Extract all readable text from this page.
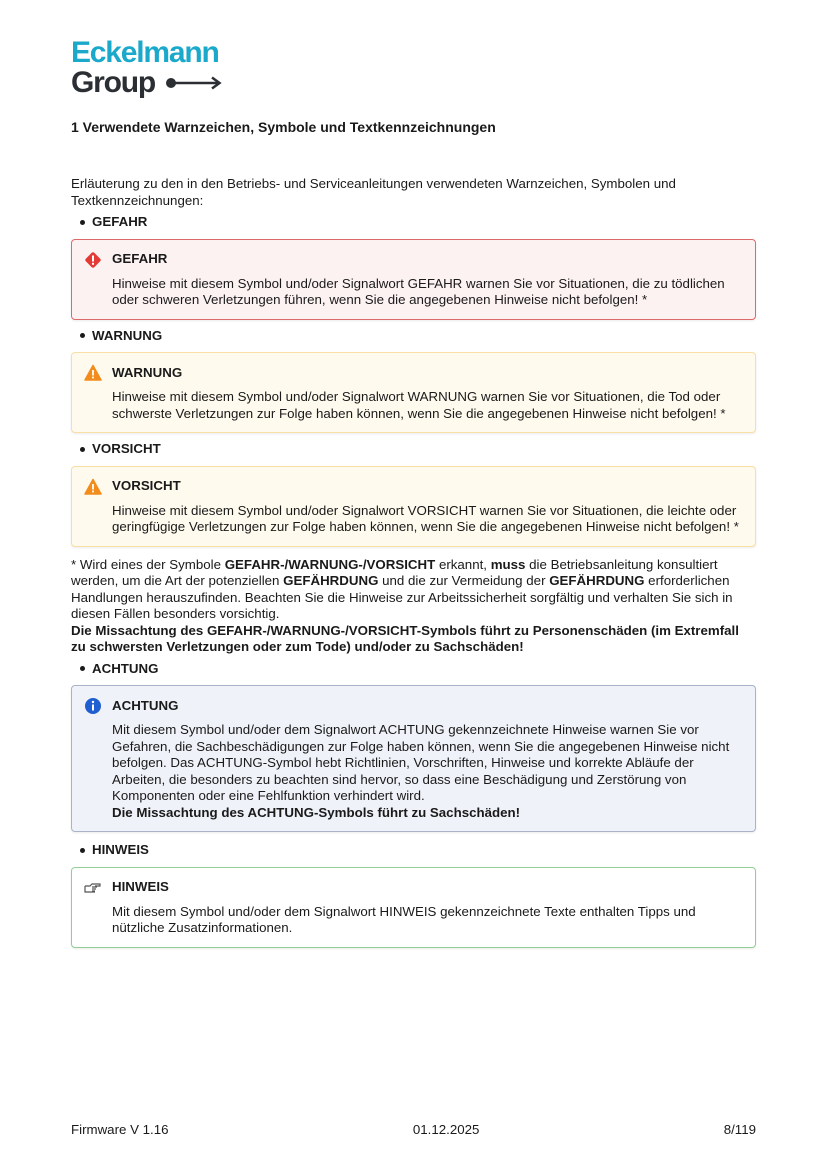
Eckelmann
Group
1 Verwendete Warnzeichen, Symbole und Textkennzeichnungen

Erläuterung zu den in den Betriebs- und Serviceanleitungen verwendeten Warnzeichen, Symbolen und Textkennzeichnungen:

GEFAHR
GEFAHR
Hinweise mit diesem Symbol und/oder Signalwort GEFAHR warnen Sie vor Situationen, die zu tödlichen oder schweren Verletzungen führen, wenn Sie die angegebenen Hinweise nicht befolgen! *
WARNUNG
WARNUNG
Hinweise mit diesem Symbol und/oder Signalwort WARNUNG warnen Sie vor Situationen, die Tod oder schwerste Verletzungen zur Folge haben können, wenn Sie die angegebenen Hinweise nicht befolgen! *
VORSICHT
VORSICHT
Hinweise mit diesem Symbol und/oder Signalwort VORSICHT warnen Sie vor Situationen, die leichte oder geringfügige Verletzungen zur Folge haben können, wenn Sie die angegebenen Hinweise nicht befolgen! *

* Wird eines der Symbole GEFAHR-/WARNUNG-/VORSICHT erkannt, muss die Betriebsanleitung konsultiert werden, um die Art der potenziellen GEFÄHRDUNG und die zur Vermeidung der GEFÄHRDUNG erforderlichen Handlungen herauszufinden. Beachten Sie die Hinweise zur Arbeitssicherheit sorgfältig und verhalten Sie sich in diesen Fällen besonders vorsichtig.

Die Missachtung des GEFAHR-/WARNUNG-/VORSICHT-Symbols führt zu Personenschäden (im Extremfall zu schwersten Verletzungen oder zum Tode) und/oder zu Sachschäden!

ACHTUNG
ACHTUNG
Mit diesem Symbol und/oder dem Signalwort ACHTUNG gekennzeichnete Hinweise warnen Sie vor Gefahren, die Sachbeschädigungen zur Folge haben können, wenn Sie die angegebenen Hinweise nicht befolgen. Das ACHTUNG-Symbol hebt Richtlinien, Vorschriften, Hinweise und korrekte Abläufe der Arbeiten, die besonders zu beachten sind hervor, so dass eine Beschädigung und Zerstörung von Komponenten oder eine Fehlfunktion verhindert wird.
Die Missachtung des ACHTUNG-Symbols führt zu Sachschäden!
HINWEIS
HINWEIS
Mit diesem Symbol und/oder dem Signalwort HINWEIS gekennzeichnete Texte enthalten Tipps und nützliche Zusatzinformationen.
Firmware V 1.16	01.12.2025	8/119
